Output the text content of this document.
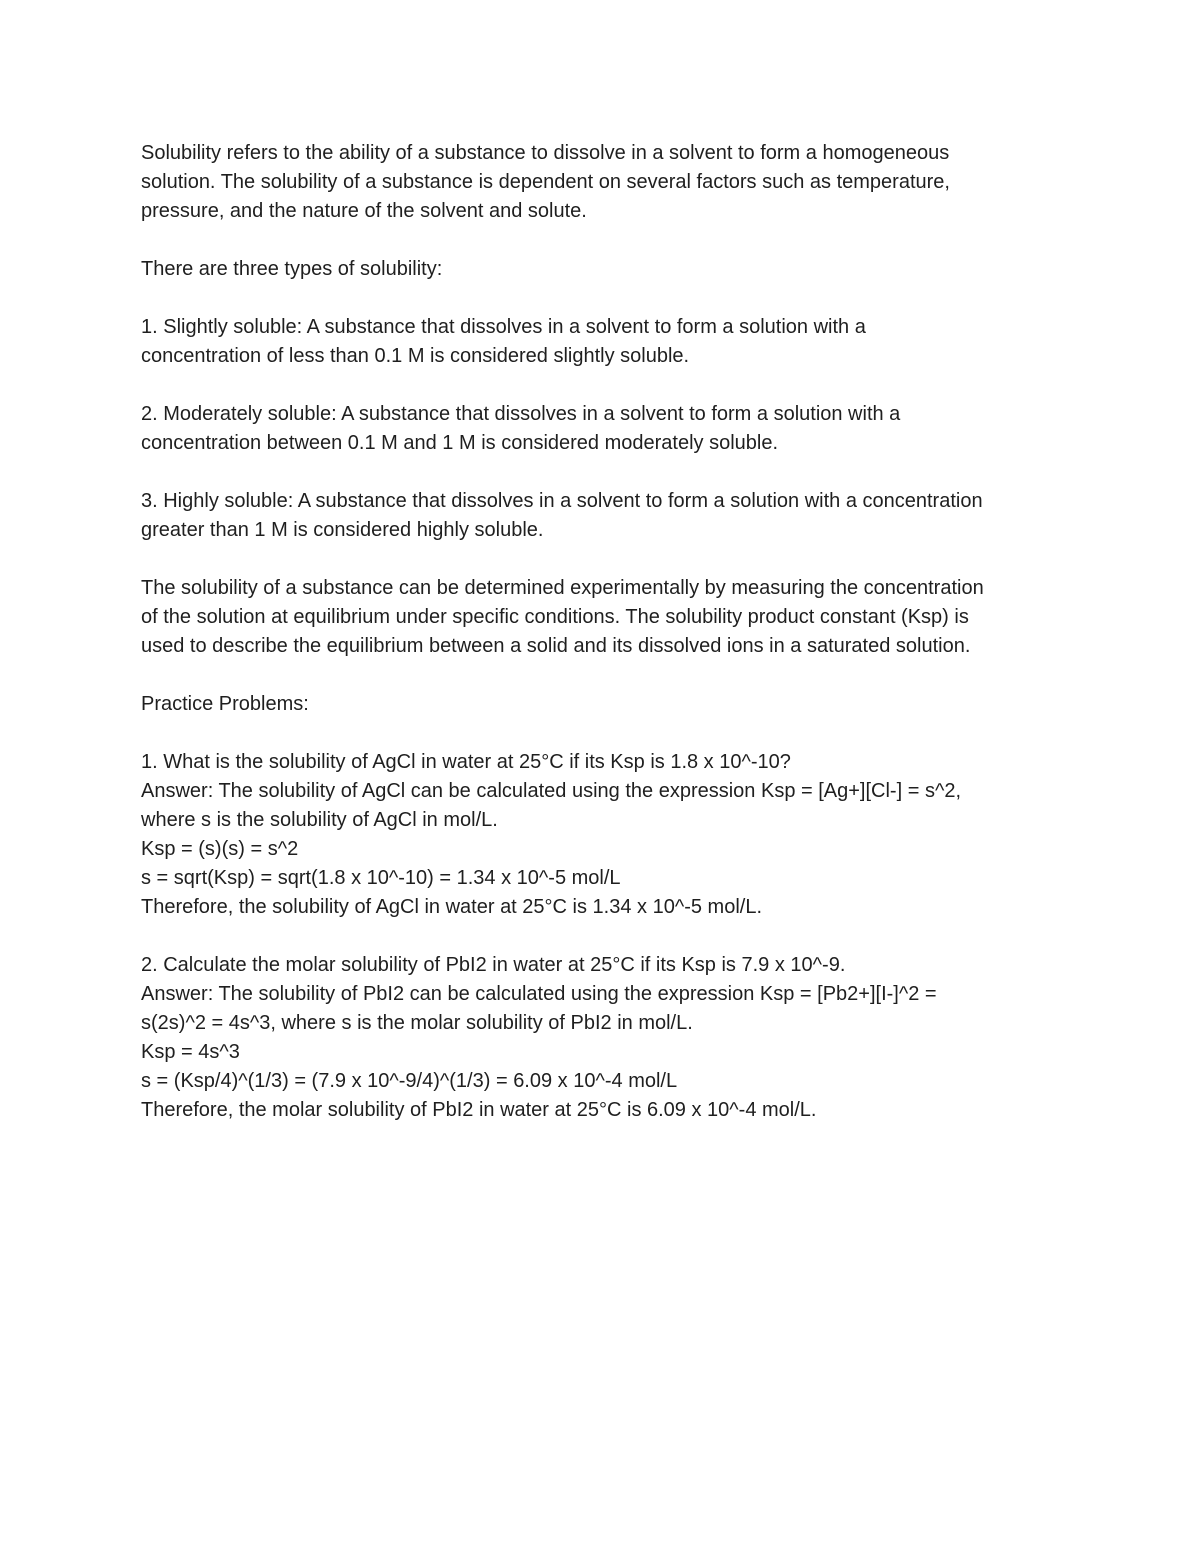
Solubility refers to the ability of a substance to dissolve in a solvent to form a homogeneous
solution. The solubility of a substance is dependent on several factors such as temperature,
pressure, and the nature of the solvent and solute.

There are three types of solubility:

1. Slightly soluble: A substance that dissolves in a solvent to form a solution with a
concentration of less than 0.1 M is considered slightly soluble.

2. Moderately soluble: A substance that dissolves in a solvent to form a solution with a
concentration between 0.1 M and 1 M is considered moderately soluble.

3. Highly soluble: A substance that dissolves in a solvent to form a solution with a concentration
greater than 1 M is considered highly soluble.

The solubility of a substance can be determined experimentally by measuring the concentration
of the solution at equilibrium under specific conditions. The solubility product constant (Ksp) is
used to describe the equilibrium between a solid and its dissolved ions in a saturated solution.

Practice Problems:

1. What is the solubility of AgCl in water at 25°C if its Ksp is 1.8 x 10^-10?
Answer: The solubility of AgCl can be calculated using the expression Ksp = [Ag+][Cl-] = s^2,
where s is the solubility of AgCl in mol/L.
Ksp = (s)(s) = s^2
s = sqrt(Ksp) = sqrt(1.8 x 10^-10) = 1.34 x 10^-5 mol/L
Therefore, the solubility of AgCl in water at 25°C is 1.34 x 10^-5 mol/L.

2. Calculate the molar solubility of PbI2 in water at 25°C if its Ksp is 7.9 x 10^-9.
Answer: The solubility of PbI2 can be calculated using the expression Ksp = [Pb2+][I-]^2 =
s(2s)^2 = 4s^3, where s is the molar solubility of PbI2 in mol/L.
Ksp = 4s^3
s = (Ksp/4)^(1/3) = (7.9 x 10^-9/4)^(1/3) = 6.09 x 10^-4 mol/L
Therefore, the molar solubility of PbI2 in water at 25°C is 6.09 x 10^-4 mol/L.
